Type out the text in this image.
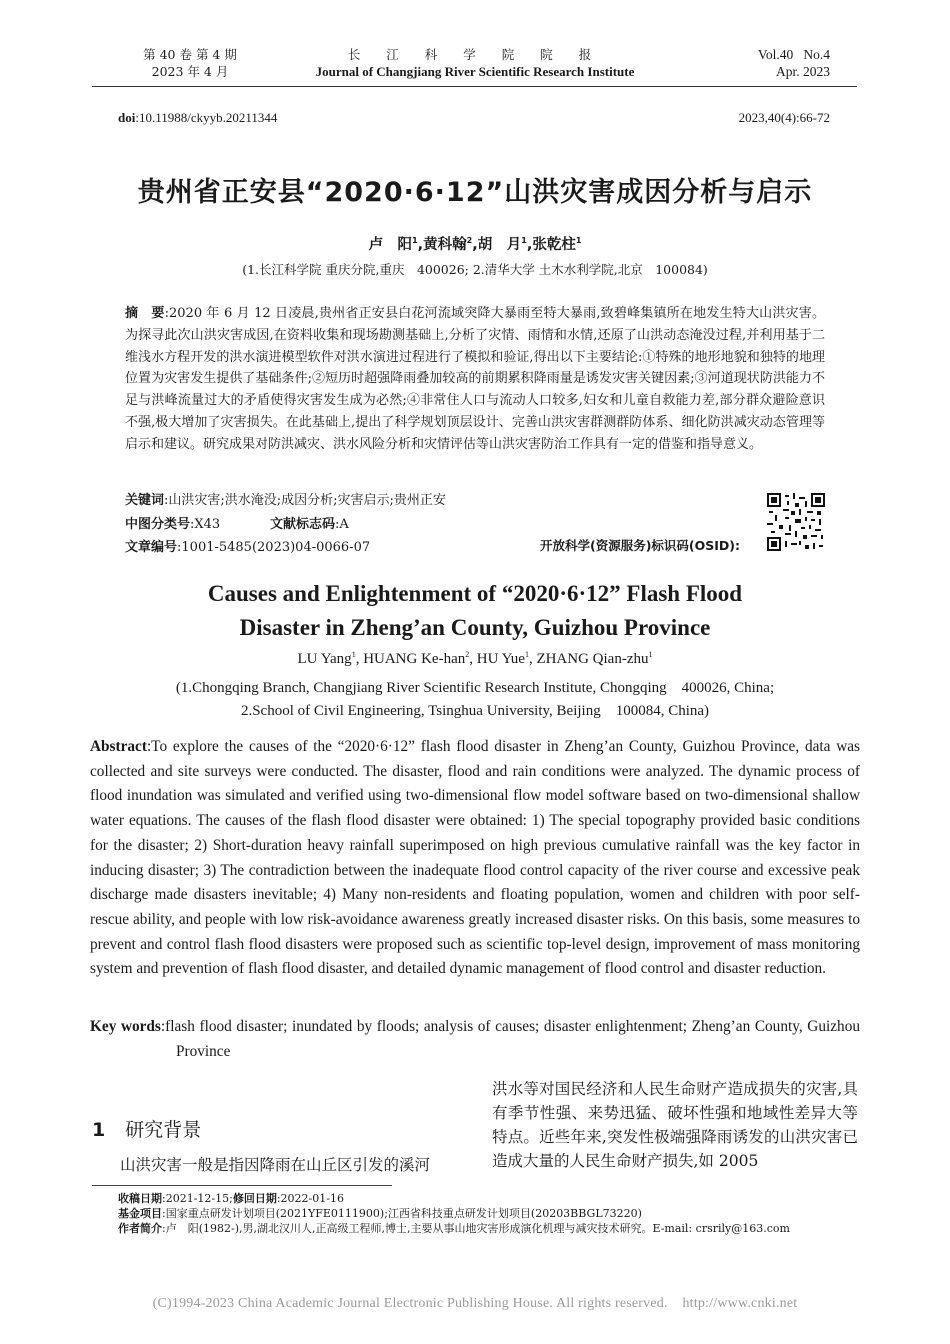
第 40 卷 第 4 期
2023 年 4 月
长 江 科 学 院 院 报
Journal of Changjiang River Scientific Research Institute
Vol.40   No.4
Apr. 2023
doi:10.11988/ckyyb.20211344	2023,40(4):66-72
贵州省正安县“2020·6·12”山洪灾害成因分析与启示
卢　阳$^1$,黄科翰$^2$,胡　月$^1$,张乾柱$^1$
(1.长江科学院 重庆分院,重庆　400026; 2.清华大学 土木水利学院,北京　100084)
摘　要:2020 年 6 月 12 日凌晨,贵州省正安县白花河流域突降大暴雨至特大暴雨,致碧峰集镇所在地发生特大山洪灾害。为探寻此次山洪灾害成因,在资料收集和现场勘测基础上,分析了灾情、雨情和水情,还原了山洪动态淹没过程,并利用基于二维浅水方程开发的洪水演进模型软件对洪水演进过程进行了模拟和验证,得出以下主要结论:①特殊的地形地貌和独特的地理位置为灾害发生提供了基础条件;②短历时超强降雨叠加较高的前期累积降雨量是诱发灾害关键因素;③河道现状防洪能力不足与洪峰流量过大的矛盾使得灾害发生成为必然;④非常住人口与流动人口较多,妇女和儿童自救能力差,部分群众避险意识不强,极大增加了灾害损失。在此基础上,提出了科学规划顶层设计、完善山洪灾害群测群防体系、细化防洪减灾动态管理等启示和建议。研究成果对防洪减灾、洪水风险分析和灾情评估等山洪灾害防治工作具有一定的借鉴和指导意义。
关键词:山洪灾害;洪水淹没;成因分析;灾害启示;贵州正安
中图分类号:X43	文献标志码:A
文章编号:1001-5485(2023)04-0066-07	开放科学(资源服务)标识码(OSID):
Causes and Enlightenment of “2020·6·12” Flash Flood
Disaster in Zheng’an County, Guizhou Province
LU Yang$^1$, HUANG Ke-han$^2$, HU Yue$^1$, ZHANG Qian-zhu$^1$
(1.Chongqing Branch, Changjiang River Scientific Research Institute, Chongqing　400026, China;
2.School of Civil Engineering, Tsinghua University, Beijing　100084, China)
Abstract:To explore the causes of the “2020·6·12” flash flood disaster in Zheng’an County, Guizhou Province, data was collected and site surveys were conducted. The disaster, flood and rain conditions were analyzed. The dynamic process of flood inundation was simulated and verified using two-dimensional flow model software based on two-dimensional shallow water equations. The causes of the flash flood disaster were obtained: 1) The special topography provided basic conditions for the disaster; 2) Short-duration heavy rainfall superimposed on high previous cumulative rainfall was the key factor in inducing disaster; 3) The contradiction between the inadequate flood control capacity of the river course and excessive peak discharge made disasters inevitable; 4) Many non-residents and floating population, women and children with poor self-rescue ability, and people with low risk-avoidance awareness greatly increased disaster risks. On this basis, some measures to prevent and control flash flood disasters were proposed such as scientific top-level design, improvement of mass monitoring system and prevention of flash flood disaster, and detailed dynamic management of flood control and disaster reduction.
Key words:flash flood disaster; inundated by floods; analysis of causes; disaster enlightenment; Zheng’an County, Guizhou Province
1 研究背景
山洪灾害一般是指因降雨在山丘区引发的溪河
洪水等对国民经济和人民生命财产造成损失的灾害,具有季节性强、来势迅猛、破坏性强和地域性差异大等特点。近些年来,突发性极端强降雨诱发的山洪灾害已造成大量的人民生命财产损失,如 2005
收稿日期:2021-12-15;修回日期:2022-01-16
基金项目:国家重点研发计划项目(2021YFE0111900);江西省科技重点研发计划项目(20203BBGL73220)
作者简介:卢　阳(1982-),男,湖北汉川人,正高级工程师,博士,主要从事山地灾害形成演化机理与减灾技术研究。E-mail: crsrily@163.com
(C)1994-2023 China Academic Journal Electronic Publishing House. All rights reserved.    http://www.cnki.net
